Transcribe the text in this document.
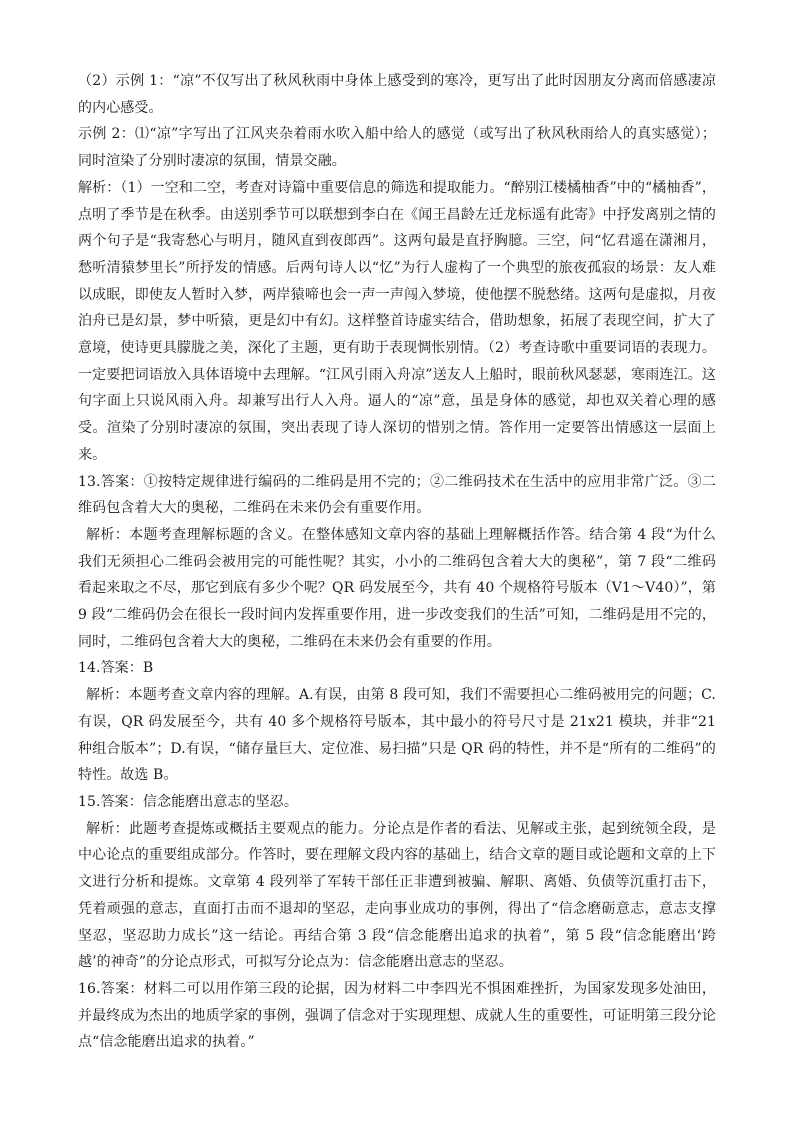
（2）示例 1：“凉”不仅写出了秋风秋雨中身体上感受到的寒冷，更写出了此时因朋友分离而倍感凄凉的内心感受。

示例 2：⑴“凉”字写出了江风夹杂着雨水吹入船中给人的感觉（或写出了秋风秋雨给人的真实感觉）；同时渲染了分别时凄凉的氛围，情景交融。

解析：（1）一空和二空，考查对诗篇中重要信息的筛选和提取能力。“醉别江楼橘柚香”中的“橘柚香”，点明了季节是在秋季。由送别季节可以联想到李白在《闻王昌龄左迁龙标遥有此寄》中抒发离别之情的两个句子是“我寄愁心与明月，随风直到夜郎西”。这两句最是直抒胸臆。三空，问“忆君遥在潇湘月，愁听清猿梦里长”所抒发的情感。后两句诗人以“忆”为行人虚构了一个典型的旅夜孤寂的场景：友人难以成眠，即使友人暂时入梦，两岸猿啼也会一声一声闯入梦境，使他摆不脱愁绪。这两句是虚拟，月夜泊舟已是幻景，梦中听猿，更是幻中有幻。这样整首诗虚实结合，借助想象，拓展了表现空间，扩大了意境，使诗更具朦胧之美，深化了主题，更有助于表现惆怅别情。（2）考查诗歌中重要词语的表现力。一定要把词语放入具体语境中去理解。“江风引雨入舟凉”送友人上船时，眼前秋风瑟瑟，寒雨连江。这句字面上只说风雨入舟。却兼写出行人入舟。逼人的“凉”意，虽是身体的感觉，却也双关着心理的感受。渲染了分别时凄凉的氛围，突出表现了诗人深切的惜别之情。答作用一定要答出情感这一层面上来。

13.答案：①按特定规律进行编码的二维码是用不完的；②二维码技术在生活中的应用非常广泛。③二维码包含着大大的奥秘，二维码在未来仍会有重要作用。

解析：本题考查理解标题的含义。在整体感知文章内容的基础上理解概括作答。结合第 4 段“为什么我们无须担心二维码会被用完的可能性呢？其实，小小的二维码包含着大大的奥秘”，第 7 段“二维码看起来取之不尽，那它到底有多少个呢？QR 码发展至今，共有 40 个规格符号版本（V1～V40）”，第 9 段“二维码仍会在很长一段时间内发挥重要作用，进一步改变我们的生活”可知，二维码是用不完的，同时，二维码包含着大大的奥秘，二维码在未来仍会有重要的作用。

14.答案：B

解析：本题考查文章内容的理解。A.有误，由第 8 段可知，我们不需要担心二维码被用完的问题；C.有误，QR 码发展至今，共有 40 多个规格符号版本，其中最小的符号尺寸是 21x21 模块，并非“21 种组合版本”；D.有误，“储存量巨大、定位准、易扫描”只是 QR 码的特性，并不是“所有的二维码”的特性。故选 B。

15.答案：信念能磨出意志的坚忍。

解析：此题考查提炼或概括主要观点的能力。分论点是作者的看法、见解或主张，起到统领全段，是中心论点的重要组成部分。作答时，要在理解文段内容的基础上，结合文章的题目或论题和文章的上下文进行分析和提炼。文章第 4 段列举了军转干部任正非遭到被骗、解职、离婚、负债等沉重打击下，凭着顽强的意志，直面打击而不退却的坚忍，走向事业成功的事例，得出了“信念磨砺意志，意志支撑坚忍，坚忍助力成长”这一结论。再结合第 3 段“信念能磨出追求的执着”，第 5 段“信念能磨出‘跨越’的神奇”的分论点形式，可拟写分论点为：信念能磨出意志的坚忍。

16.答案：材料二可以用作第三段的论据，因为材料二中李四光不惧困难挫折，为国家发现多处油田，并最终成为杰出的地质学家的事例，强调了信念对于实现理想、成就人生的重要性，可证明第三段分论点“信念能磨出追求的执着。”
